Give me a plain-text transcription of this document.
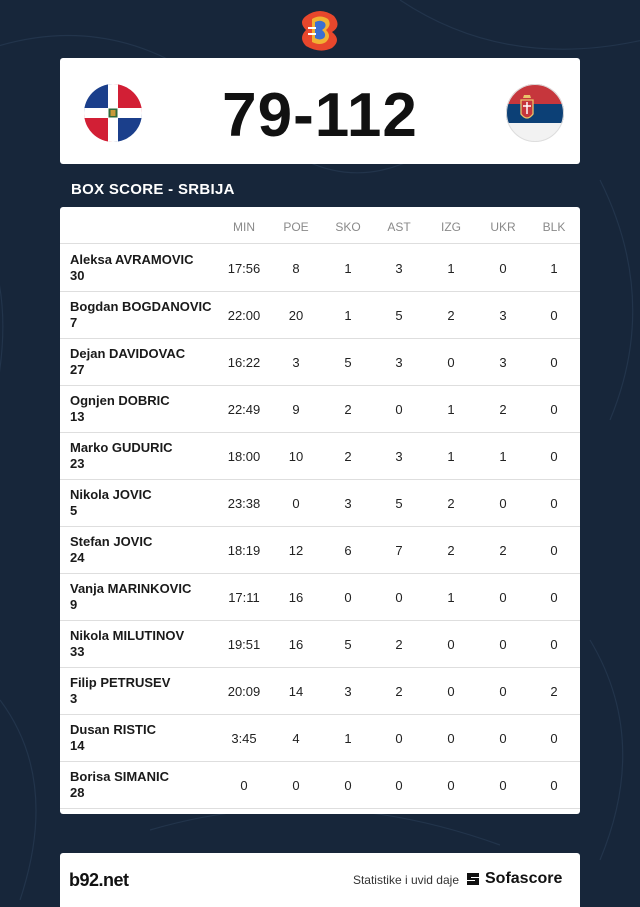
79-112
BOX SCORE - SRBIJA
MIN	POE	SKO	AST	IZG	UKR	BLK
Aleksa AVRAMOVIC
30	17:56	8	1	3	1	0	1
Bogdan BOGDANOVIC
7	22:00	20	1	5	2	3	0
Dejan DAVIDOVAC
27	16:22	3	5	3	0	3	0
Ognjen DOBRIC
13	22:49	9	2	0	1	2	0
Marko GUDURIC
23	18:00	10	2	3	1	1	0
Nikola JOVIC
5	23:38	0	3	5	2	0	0
Stefan JOVIC
24	18:19	12	6	7	2	2	0
Vanja MARINKOVIC
9	17:11	16	0	0	1	0	0
Nikola MILUTINOV
33	19:51	16	5	2	0	0	0
Filip PETRUSEV
3	20:09	14	3	2	0	0	2
Dusan RISTIC
14	3:45	4	1	0	0	0	0
Borisa SIMANIC
28	0	0	0	0	0	0	0
b92.net	Statistike i uvid daje Sofascore
